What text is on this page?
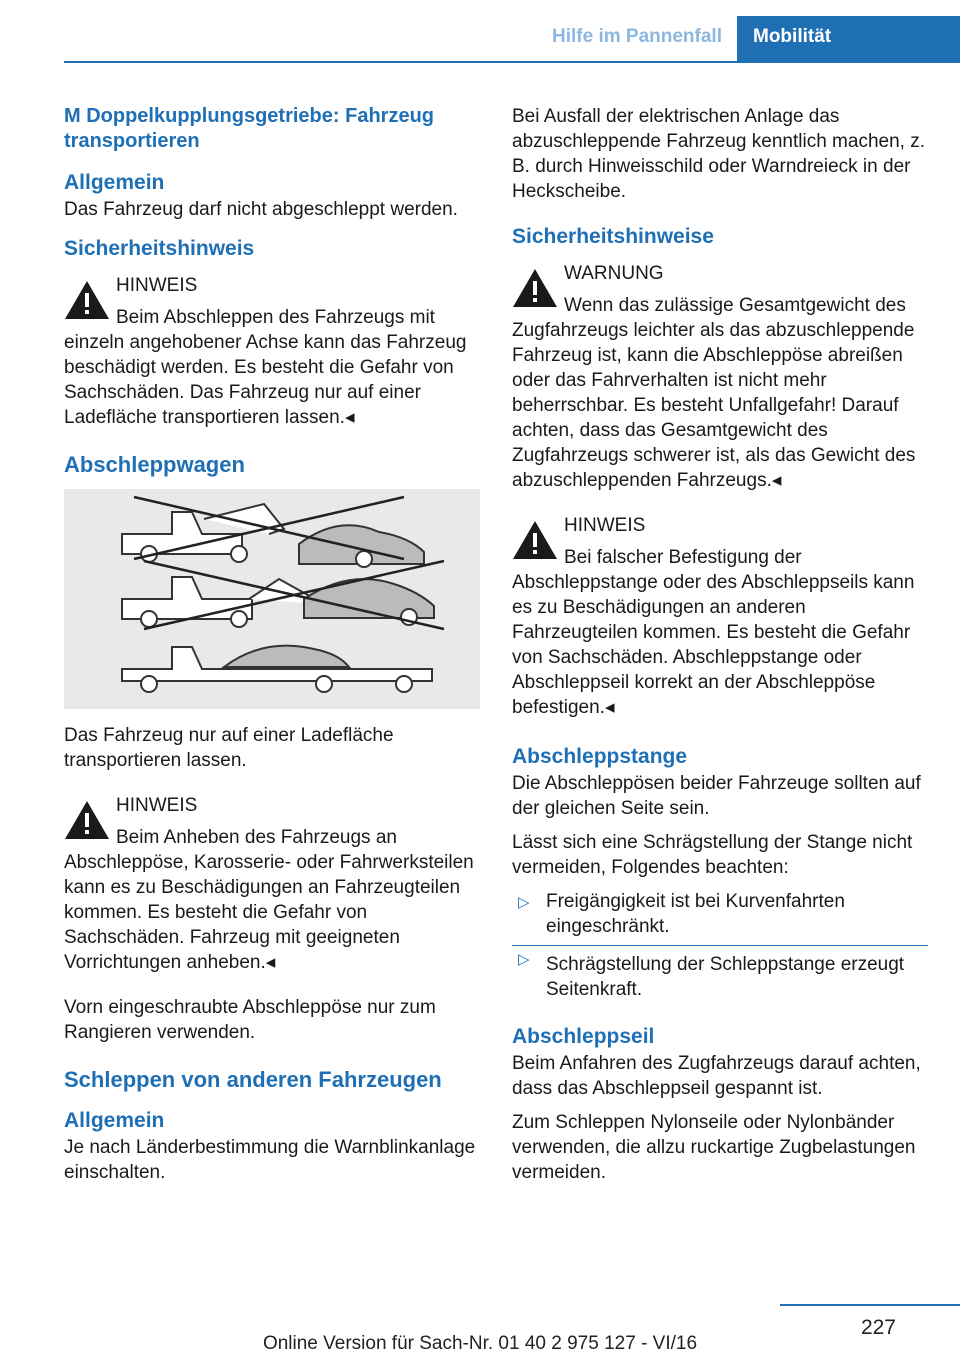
Hilfe im Pannenfall	Mobilität
M Doppelkupplungsgetriebe: Fahrzeug transportieren
Allgemein

Das Fahrzeug darf nicht abgeschleppt werden.

Sicherheitshinweis
HINWEIS
Beim Abschleppen des Fahrzeugs mit einzeln angehobener Achse kann das Fahrzeug beschädigt werden. Es besteht die Gefahr von Sachschäden. Das Fahrzeug nur auf einer Ladefläche transportieren lassen.◂
Abschleppwagen

Das Fahrzeug nur auf einer Ladefläche transportieren lassen.

HINWEIS
Beim Anheben des Fahrzeugs an Abschleppöse, Karosserie- oder Fahrwerksteilen kann es zu Beschädigungen an Fahrzeugteilen kommen. Es besteht die Gefahr von Sachschäden. Fahrzeug mit geeigneten Vorrichtungen anheben.◂

Vorn eingeschraubte Abschleppöse nur zum Rangieren verwenden.

Schleppen von anderen Fahrzeugen
Allgemein

Je nach Länderbestimmung die Warnblinkanlage einschalten.

Bei Ausfall der elektrischen Anlage das abzuschleppende Fahrzeug kenntlich machen, z. B. durch Hinweisschild oder Warndreieck in der Heckscheibe.

Sicherheitshinweise
WARNUNG
Wenn das zulässige Gesamtgewicht des Zugfahrzeugs leichter als das abzuschleppende Fahrzeug ist, kann die Abschleppöse abreißen oder das Fahrverhalten ist nicht mehr beherrschbar. Es besteht Unfallgefahr! Darauf achten, dass das Gesamtgewicht des Zugfahrzeugs schwerer ist, als das Gewicht des abzuschleppenden Fahrzeugs.◂
HINWEIS
Bei falscher Befestigung der Abschleppstange oder des Abschleppseils kann es zu Beschädigungen an anderen Fahrzeugteilen kommen. Es besteht die Gefahr von Sachschäden. Abschleppstange oder Abschleppseil korrekt an der Abschleppöse befestigen.◂
Abschleppstange

Die Abschleppösen beider Fahrzeuge sollten auf der gleichen Seite sein.

Lässt sich eine Schrägstellung der Stange nicht vermeiden, Folgendes beachten:

▷ Freigängigkeit ist bei Kurvenfahrten eingeschränkt.
▷ Schrägstellung der Schleppstange erzeugt Seitenkraft.
Abschleppseil

Beim Anfahren des Zugfahrzeugs darauf achten, dass das Abschleppseil gespannt ist.

Zum Schleppen Nylonseile oder Nylonbänder verwenden, die allzu ruckartige Zugbelastungen vermeiden.

227
Online Version für Sach-Nr. 01 40 2 975 127 - VI/16
